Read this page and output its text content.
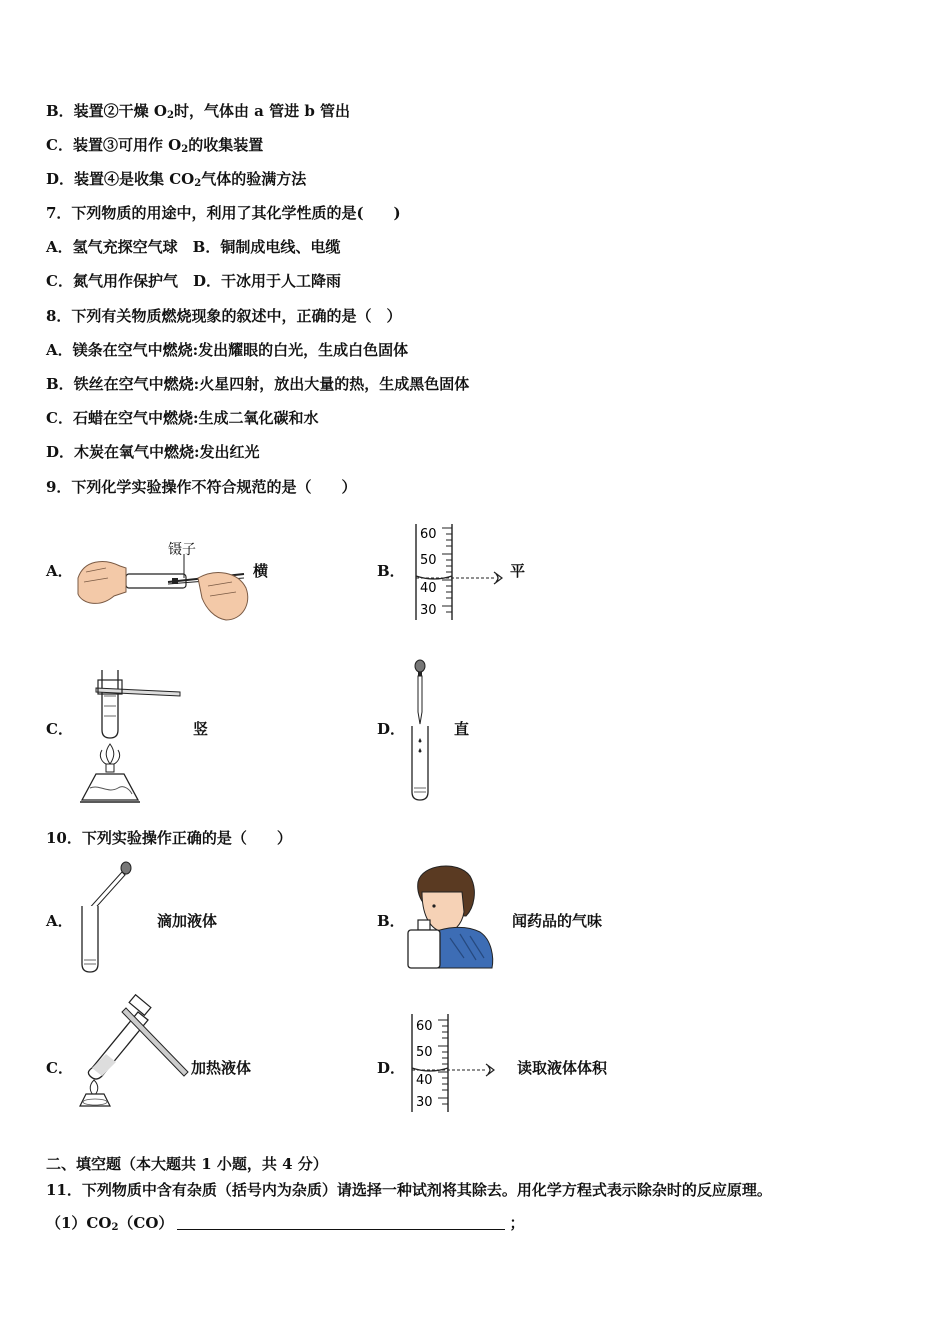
B．装置②干燥 $O_2$时，气体由 a 管进 b 管出
C．装置③可用作 $O_2$的收集装置
D．装置④是收集 $CO_2$气体的验满方法
7．下列物质的用途中，利用了其化学性质的是(　　)
A．氢气充探空气球　B．铜制成电线、电缆
C．氮气用作保护气　D．干冰用于人工降雨
8．下列有关物质燃烧现象的叙述中，正确的是（　）
A．镁条在空气中燃烧:发出耀眼的白光，生成白色固体
B．铁丝在空气中燃烧:火星四射，放出大量的热，生成黑色固体
C．石蜡在空气中燃烧:生成二氧化碳和水
D．木炭在氧气中燃烧:发出红光
9．下列化学实验操作不符合规范的是（　　）
A．
镊子
横	B．
60
50
40
30
平
C．	竖	D．	直
10．下列实验操作正确的是（　　）
A．	滴加液体	B．	闻药品的气味
C．	加热液体	D．
60
50
40
30
读取液体体积
二、填空题（本大题共 1 小题，共 4 分）
11．下列物质中含有杂质（括号内为杂质）请选择一种试剂将其除去。用化学方程式表示除杂时的反应原理。
$(1)CO_2(CO)$	；
